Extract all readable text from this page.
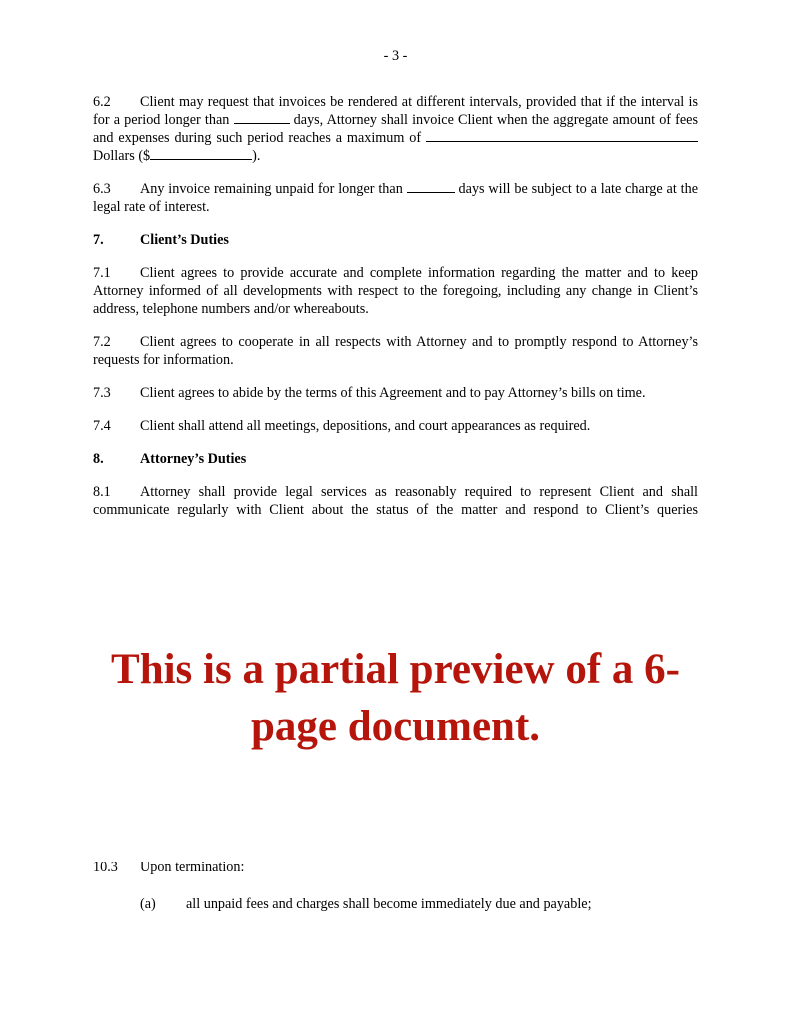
- 3 -

6.2 Client may request that invoices be rendered at different intervals, provided that if the interval is for a period longer than	days, Attorney shall invoice Client when the aggregate amount of fees and expenses during such period reaches a maximum of  Dollars ($	).

6.3 Any invoice remaining unpaid for longer than	days will be subject to a late charge at the legal rate of interest.

7.	Client’s Duties

7.1 Client agrees to provide accurate and complete information regarding the matter and to keep Attorney informed of all developments with respect to the foregoing, including any change in Client’s address, telephone numbers and/or whereabouts.

7.2 Client agrees to cooperate in all respects with Attorney and to promptly respond to Attorney’s requests for information.

7.3 Client agrees to abide by the terms of this Agreement and to pay Attorney’s bills on time.

7.4 Client shall attend all meetings, depositions, and court appearances as required.

8.	Attorney’s Duties

8.1 Attorney shall provide legal services as reasonably required to represent Client and shall communicate regularly with Client about the status of the matter and respond to Client’s queries

This is a partial preview of a 6-
page document.
10.3 Upon termination:
(a) all unpaid fees and charges shall become immediately due and payable;
